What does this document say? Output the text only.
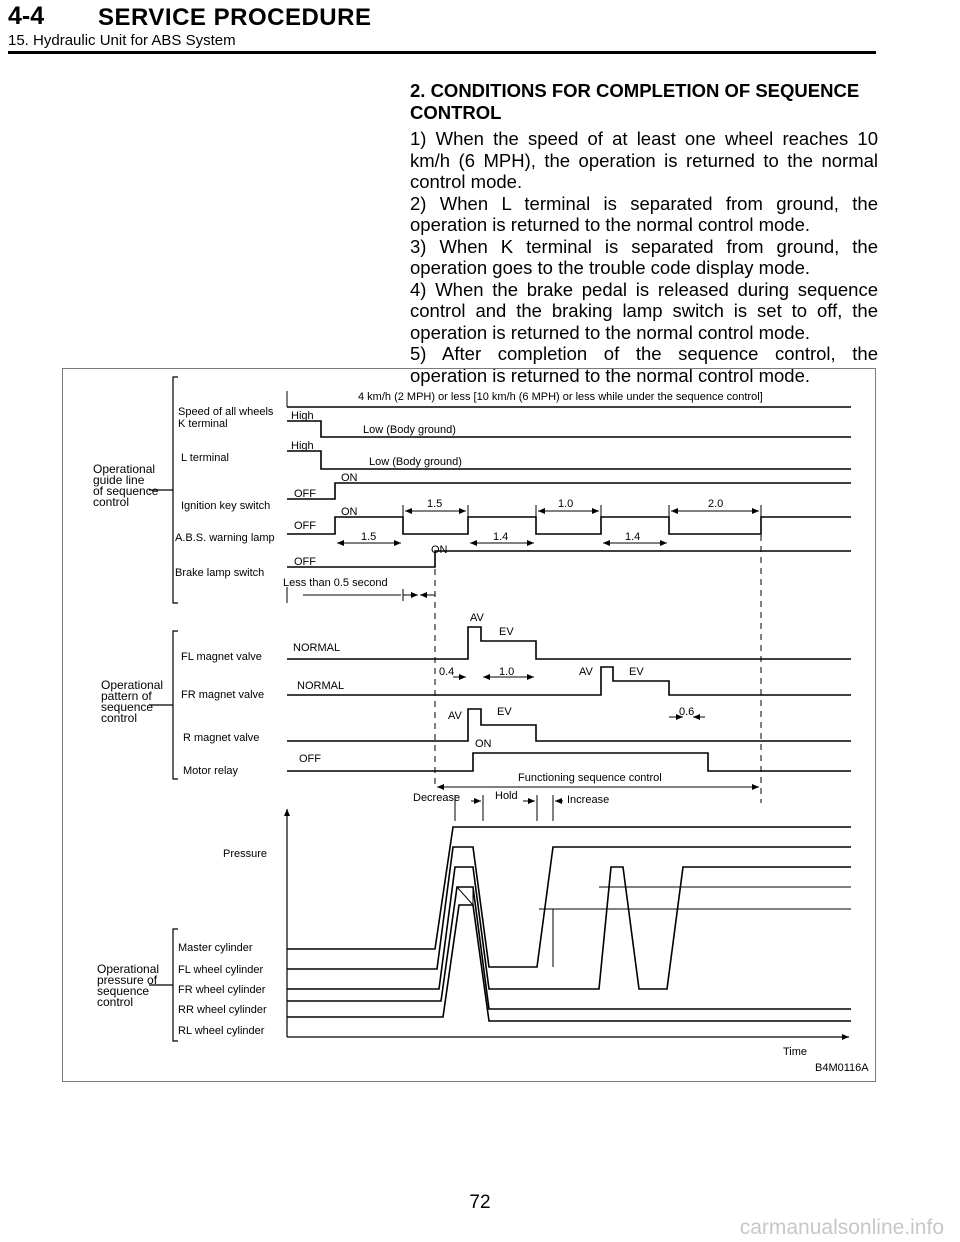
4-4 SERVICE PROCEDURE
15. Hydraulic Unit for ABS System
2. CONDITIONS FOR COMPLETION OF SEQUENCE CONTROL

1) When the speed of at least one wheel reaches 10 km/h (6 MPH), the operation is returned to the normal control mode.

2) When L terminal is separated from ground, the operation is returned to the normal control mode.

3) When K terminal is separated from ground, the operation goes to the trouble code display mode.

4) When the brake pedal is released during sequence control and the braking lamp switch is set to off, the operation is returned to the normal control mode.

5) After completion of the sequence control, the operation is returned to the normal control mode.

Operational guide line of sequence control
Operational pattern of sequence control
Operational pressure of sequence control
Speed of all wheels
K terminal
L terminal
Ignition key switch
A.B.S. warning lamp
Brake lamp switch
4 km/h (2 MPH) or less [10 km/h (6 MPH) or less while under the sequence control]
High
Low (Body ground)
High
Low (Body ground)
OFF
ON
OFF
ON
OFF
ON
1.5	1.0	2.0
1.5	1.4	1.4
Less than 0.5 second
FL magnet valve
FR magnet valve
R magnet valve
Motor relay
NORMAL
NORMAL
AV
EV
AV	EV
AV	EV
OFF
ON
0.4	1.0
0.6
Functioning sequence control
Decrease	Hold	Increase
Pressure
Time
Master cylinder
FL wheel cylinder
FR wheel cylinder
RR wheel cylinder
RL wheel cylinder
B4M0116A
72
carmanualsonline.info
